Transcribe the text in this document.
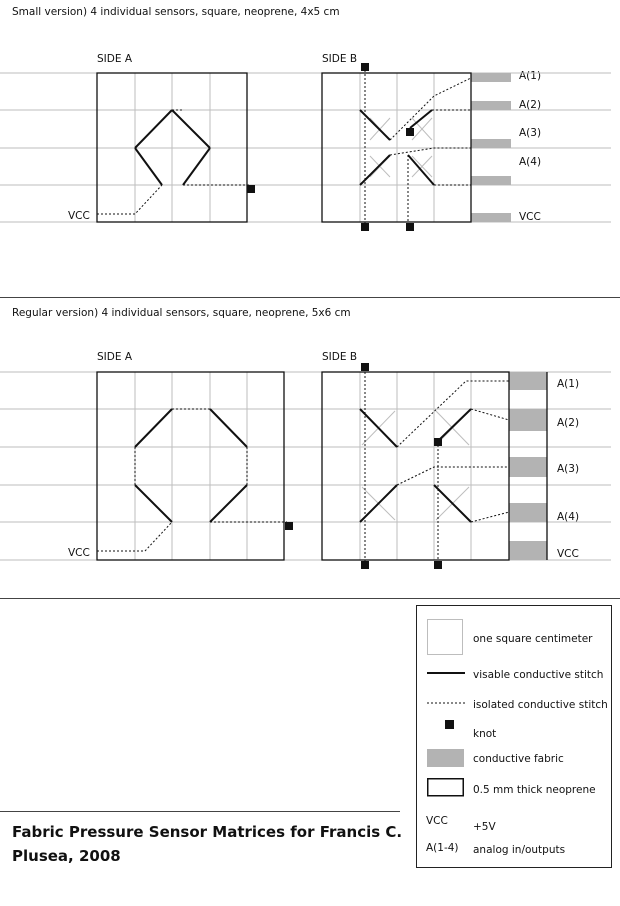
Small version) 4 individual sensors, square, neoprene, 4x5 cm
Regular version) 4 individual sensors, square, neoprene, 5x6 cm
SIDE A	SIDE B
SIDE A	SIDE B
VCC
VCC
A(1)
A(2)
A(3)
A(4)
VCC
A(1)
A(2)
A(3)
A(4)
VCC
one square centimeter
visable conductive stitch
isolated conductive stitch
knot
conductive fabric
0.5 mm thick neoprene
VCC +5V
A(1-4) analog in/outputs
Fabric Pressure Sensor Matrices for Francis C. Plusea, 2008
